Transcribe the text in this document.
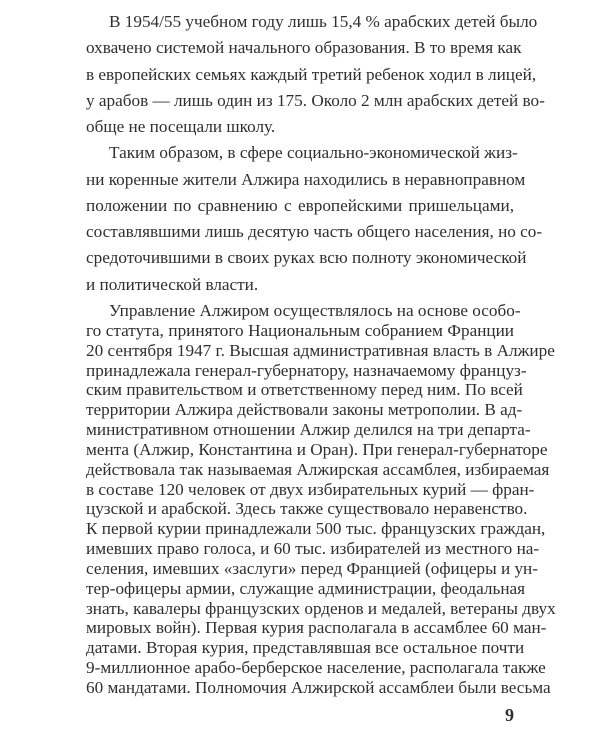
В 1954/55 учебном году лишь 15,4 % арабских детей было
охвачено системой начального образования. В то время как
в европейских семьях каждый третий ребенок ходил в лицей,
у арабов — лишь один из 175. Около 2 млн арабских детей во-
обще не посещали школу.
Таким образом, в сфере социально-экономической жиз-
ни коренные жители Алжира находились в неравноправном
положении по сравнению с европейскими пришельцами,
составлявшими лишь десятую часть общего населения, но со-
средоточившими в своих руках всю полноту экономической
и политической власти.
Управление Алжиром осуществлялось на основе особо-
го статута, принятого Национальным собранием Франции
20 сентября 1947 г. Высшая административная власть в Алжире
принадлежала генерал-губернатору, назначаемому француз-
ским правительством и ответственному перед ним. По всей
территории Алжира действовали законы метрополии. В ад-
министративном отношении Алжир делился на три департа-
мента (Алжир, Константина и Оран). При генерал-губернаторе
действовала так называемая Алжирская ассамблея, избираемая
в составе 120 человек от двух избирательных курий — фран-
цузской и арабской. Здесь также существовало неравенство.
К первой курии принадлежали 500 тыс. французских граждан,
имевших право голоса, и 60 тыс. избирателей из местного на-
селения, имевших «заслуги» перед Францией (офицеры и ун-
тер-офицеры армии, служащие администрации, феодальная
9
знать, кавалеры французских орденов и медалей, ветераны двух
мировых войн). Первая курия располагала в ассамблее 60 ман-
датами. Вторая курия, представлявшая все остальное почти
9-миллионное арабо-берберское население, располагала также
60 мандатами. Полномочия Алжирской ассамблеи были весьма
